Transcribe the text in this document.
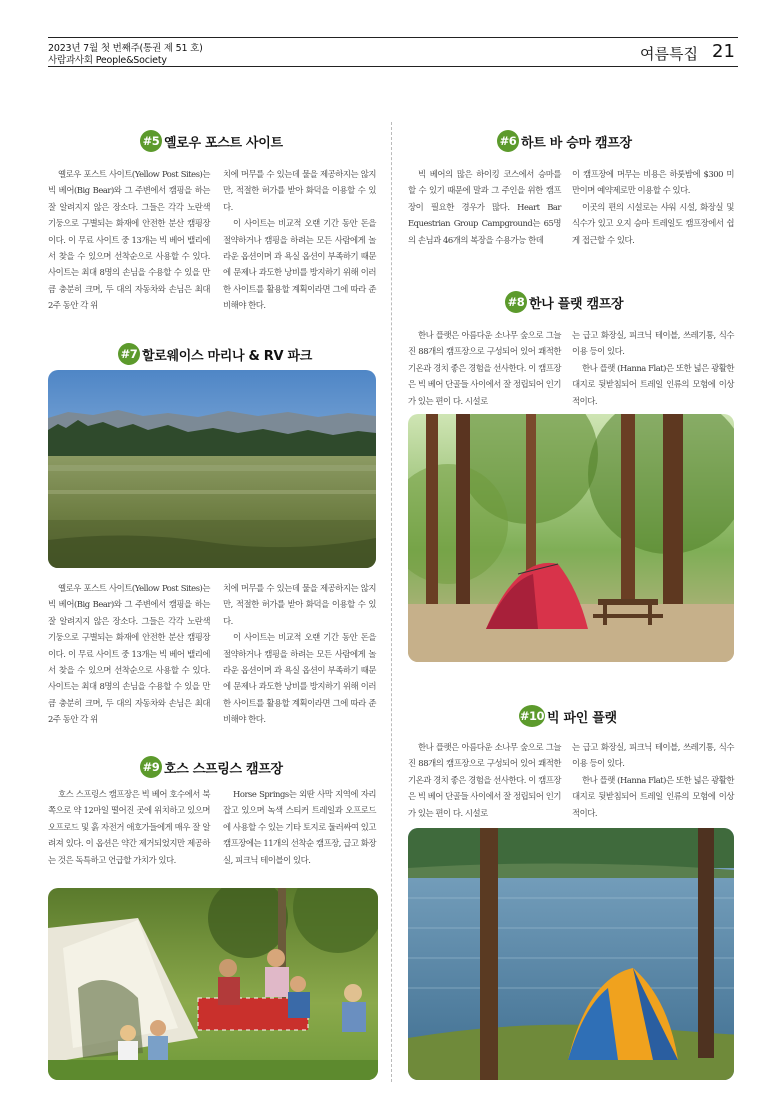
2023년 7월 첫 번째주(통권 제 51 호)
사람과사회 People&Society	여름특집 21
#5 옐로우 포스트 사이트

옐로우 포스트 사이트(Yellow Post Sites)는 빅 베어(Big Bear)와 그 주변에서 캠핑을 하는 잘 알려지지 않은 장소다. 그들은 각각 노란색 기둥으로 구별되는 화재에 안전한 분산 캠핑장이다. 이 무료 사이트 중 13개는 빅 베어 밸리에서 찾을 수 있으며 선착순으로 사용할 수 있다. 사이트는 최대 8명의 손님을 수용할 수 있을 만큼 충분히 크며, 두 대의 자동차와 손님은 최대 2주 동안 각 위

치에 머무를 수 있는데 물을 제공하지는 않지만, 적절한 허가를 받아 화덕을 이용할 수 있다.

이 사이트는 비교적 오랜 기간 동안 돈을 절약하거나 캠핑을 하려는 모든 사람에게 놀라운 옵션이며 과 욕실 옵션이 부족하기 때문에 문제나 과도한 낭비를 방지하기 위해 이러한 사이트를 활용할 계획이라면 그에 따라 준비해야 한다.

#7 할로웨이스 마리나 & RV 파크

옐로우 포스트 사이트(Yellow Post Sites)는 빅 베어(Big Bear)와 그 주변에서 캠핑을 하는 잘 알려지지 않은 장소다. 그들은 각각 노란색 기둥으로 구별되는 화재에 안전한 분산 캠핑장이다. 이 무료 사이트 중 13개는 빅 베어 밸리에서 찾을 수 있으며 선착순으로 사용할 수 있다. 사이트는 최대 8명의 손님을 수용할 수 있을 만큼 충분히 크며, 두 대의 자동차와 손님은 최대 2주 동안 각 위

치에 머무를 수 있는데 물을 제공하지는 않지만, 적절한 허가를 받아 화덕을 이용할 수 있다.

이 사이트는 비교적 오랜 기간 동안 돈을 절약하거나 캠핑을 하려는 모든 사람에게 놀라운 옵션이며 과 욕실 옵션이 부족하기 때문에 문제나 과도한 낭비를 방지하기 위해 이러한 사이트를 활용할 계획이라면 그에 따라 준비해야 한다.

#9 호스 스프링스 캠프장

호스 스프링스 캠프장은 빅 베어 호수에서 북쪽으로 약 12마일 떨어진 곳에 위치하고 있으며 오프로드 및 흙 자전거 애호가들에게 매우 잘 알려져 있다. 이 옵션은 약간 제거되었지만 제공하는 것은 독특하고 언급할 가치가 있다.

Horse Springs는 외딴 사막 지역에 자리 잡고 있으며 녹색 스티커 트레일과 오프로드에 사용할 수 있는 기타 토지로 둘러싸여 있고 캠프장에는 11개의 선착순 캠프장, 급고 화장실, 피크닉 테이블이 있다.

#6 하트 바 승마 캠프장

빅 베어의 많은 하이킹 코스에서 승마를 할 수 있기 때문에 말과 그 주인을 위한 캠프장이 필요한 경우가 많다. Heart Bar Equestrian Group Campground는 65명의 손님과 46개의 복장을 수용가능 한데

이 캠프장에 머무는 비용은 하룻밤에 $300 미만이며 예약제로만 이용할 수 있다.

이곳의 편의 시설로는 샤워 시설, 화장실 및 식수가 있고 오지 승마 트레일도 캠프장에서 쉽게 접근할 수 있다.

#8 한나 플랫 캠프장

한나 플랫은 아름다운 소나무 숲으로 그늘진 88개의 캠프장으로 구성되어 있어 쾌적한 기온과 경치 좋은 경험을 선사한다. 이 캠프장은 빅 베어 단골들 사이에서 잘 정립되어 인기가 있는 편이 다. 시설로

는 급고 화장실, 피크닉 테이블, 쓰레기통, 식수 이용 등이 있다.

한나 플랫 (Hanna Flat)은 또한 넓은 광활한 대지로 뒷받침되어 트레일 인류의 모험에 이상적이다.

#10 빅 파인 플랫

한나 플랫은 아름다운 소나무 숲으로 그늘진 88개의 캠프장으로 구성되어 있어 쾌적한 기온과 경치 좋은 경험을 선사한다. 이 캠프장은 빅 베어 단골들 사이에서 잘 정립되어 인기가 있는 편이 다. 시설로

는 급고 화장실, 피크닉 테이블, 쓰레기통, 식수 이용 등이 있다.

한나 플랫 (Hanna Flat)은 또한 넓은 광활한 대지로 뒷받침되어 트레일 인류의 모험에 이상적이다.
